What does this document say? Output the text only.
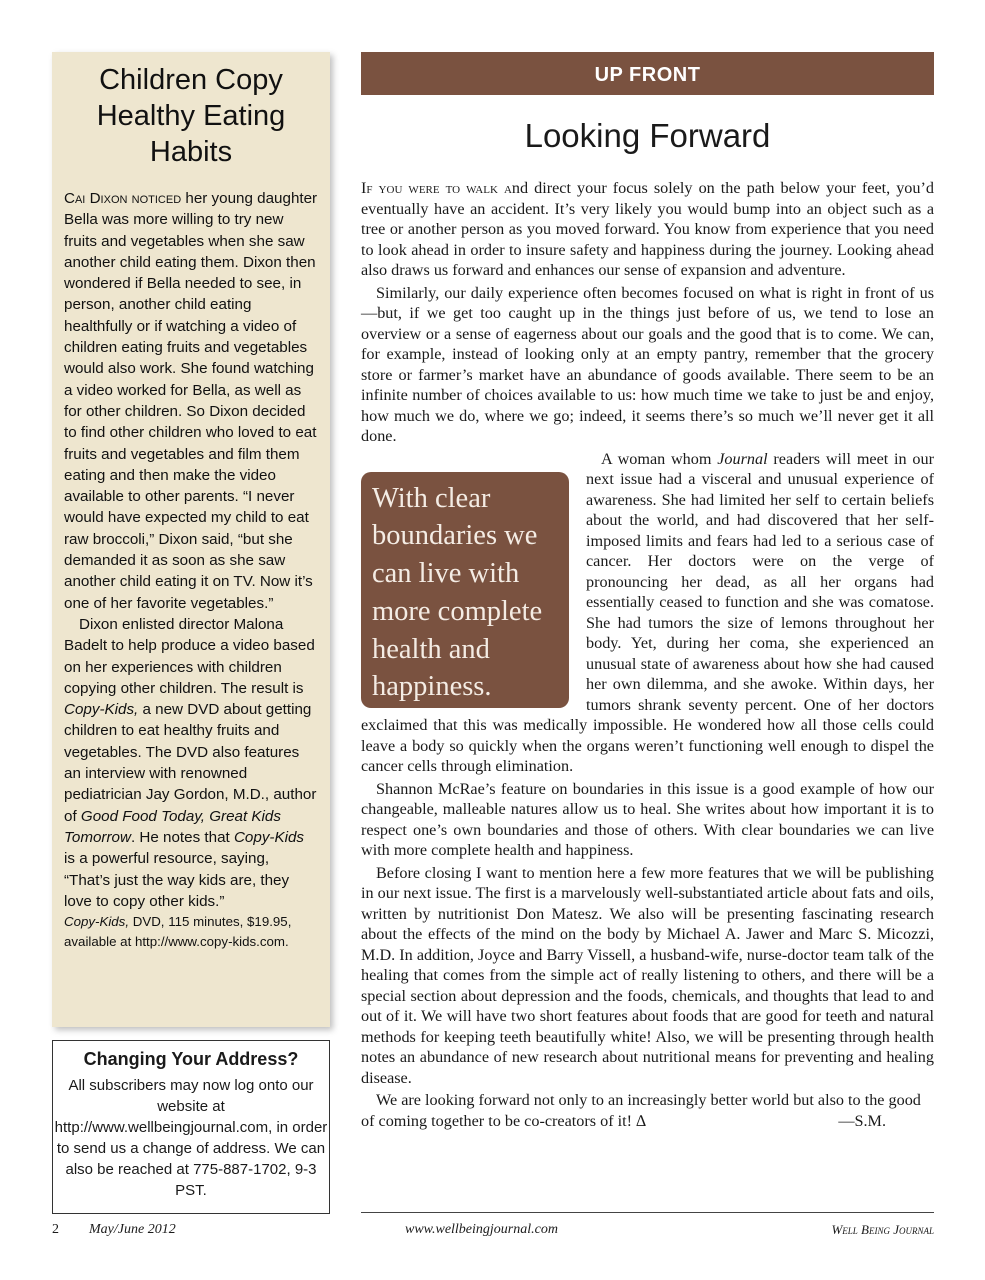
Children Copy Healthy Eating Habits

Cai Dixon noticed her young daughter Bella was more willing to try new fruits and vegetables when she saw another child eating them. Dixon then wondered if Bella needed to see, in person, another child eating healthfully or if watching a video of children eating fruits and vegetables would also work. She found watching a video worked for Bella, as well as for other children. So Dixon decided to find other children who loved to eat fruits and vegetables and film them eating and then make the video available to other parents. “I never would have expected my child to eat raw broccoli,” Dixon said, “but she demanded it as soon as she saw another child eating it on TV. Now it’s one of her favorite vegetables.”

Dixon enlisted director Malona Badelt to help produce a video based on her experiences with children copying other children. The result is Copy-Kids, a new DVD about getting children to eat healthy fruits and vegetables. The DVD also features an interview with renowned pediatrician Jay Gordon, M.D., author of Good Food Today, Great Kids Tomorrow. He notes that Copy-Kids is a powerful resource, saying, “That’s just the way kids are, they love to copy other kids.”

Copy-Kids, DVD, 115 minutes, $19.95, available at http://www.copy-kids.com.

Changing Your Address?

All subscribers may now log onto our website at http://www.wellbeingjournal.com, in order to send us a change of address. We can also be reached at 775-887-1702, 9-3 PST.

UP FRONT
Looking Forward

If you were to walk and direct your focus solely on the path below your feet, you’d eventually have an accident. It’s very likely you would bump into an object such as a tree or another person as you moved forward. You know from experience that you need to look ahead in order to insure safety and happiness during the journey. Looking ahead also draws us forward and enhances our sense of expansion and adventure.

Similarly, our daily experience often becomes focused on what is right in front of us—but, if we get too caught up in the things just before of us, we tend to lose an overview or a sense of eagerness about our goals and the good that is to come. We can, for example, instead of looking only at an empty pantry, remember that the grocery store or farmer’s market have an abundance of goods available. There seem to be an infinite number of choices available to us: how much time we take to just be and enjoy, how much we do, where we go; indeed, it seems there’s so much we’ll never get it all done.

With clear boundaries we can live with more complete health and happiness.

A woman whom Journal readers will meet in our next issue had a visceral and unusual experience of awareness. She had limited her self to certain beliefs about the world, and had discovered that her self-imposed limits and fears had led to a serious case of cancer. Her doctors were on the verge of pronouncing her dead, as all her organs had essentially ceased to function and she was comatose. She had tumors the size of lemons throughout her body. Yet, during her coma, she experienced an unusual state of awareness about how she had caused her own dilemma, and she awoke. Within days, her tumors shrank seventy percent. One of her doctors exclaimed that this was medically impossible. He wondered how all those cells could leave a body so quickly when the organs weren’t functioning well enough to dispel the cancer cells through elimination.

Shannon McRae’s feature on boundaries in this issue is a good example of how our changeable, malleable natures allow us to heal. She writes about how important it is to respect one’s own boundaries and those of others. With clear boundaries we can live with more complete health and happiness.

Before closing I want to mention here a few more features that we will be publishing in our next issue. The first is a marvelously well-substantiated article about fats and oils, written by nutritionist Don Matesz. We also will be presenting fascinating research about the effects of the mind on the body by Michael A. Jawer and Marc S. Micozzi, M.D. In addition, Joyce and Barry Vissell, a husband-wife, nurse-doctor team talk of the healing that comes from the simple act of really listening to others, and there will be a special section about depression and the foods, chemicals, and thoughts that lead to and out of it. We will have two short features about foods that are good for teeth and natural methods for keeping teeth beautifully white! Also, we will be presenting through health notes an abundance of new research about nutritional means for preventing and healing disease.

We are looking forward not only to an increasingly better world but also to the good of coming together to be co-creators of it! ∆	—S.M.

2 May/June 2012	www.wellbeingjournal.com	Well Being Journal
